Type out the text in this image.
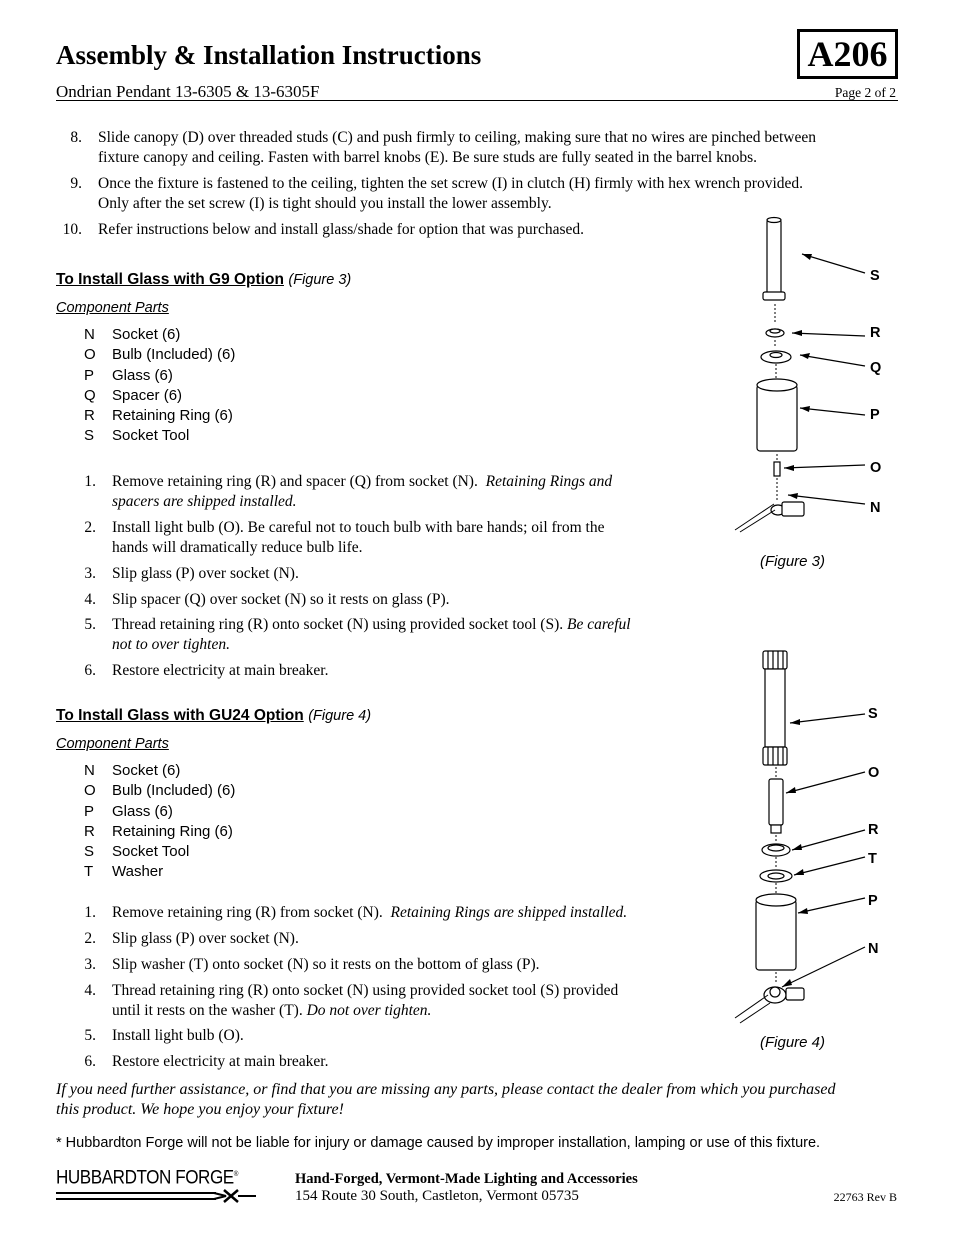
Assembly & Installation Instructions
Ondrian Pendant 13-6305 & 13-6305F	Page 2 of 2
A206
8. Slide canopy (D) over threaded studs (C) and push firmly to ceiling, making sure that no wires are pinched between
fixture canopy and ceiling. Fasten with barrel knobs (E). Be sure studs are fully seated in the barrel knobs.
9. Once the fixture is fastened to the ceiling, tighten the set screw (I) in clutch (H) firmly with hex wrench provided.
Only after the set screw (I) is tight should you install the lower assembly.
10. Refer instructions below and install glass/shade for option that was purchased.
To Install Glass with G9 Option (Figure 3)
Component Parts
N	Socket (6)
O	Bulb (Included) (6)
P	Glass (6)
Q	Spacer (6)
R	Retaining Ring (6)
S	Socket Tool
1. Remove retaining ring (R) and spacer (Q) from socket (N). Retaining Rings and
spacers are shipped installed.
2. Install light bulb (O). Be careful not to touch bulb with bare hands; oil from the
hands will dramatically reduce bulb life.
3. Slip glass (P) over socket (N).
4. Slip spacer (Q) over socket (N) so it rests on glass (P).
5. Thread retaining ring (R) onto socket (N) using provided socket tool (S). Be careful
not to over tighten.
6. Restore electricity at main breaker.
To Install Glass with GU24 Option (Figure 4)
Component Parts
N	Socket (6)
O	Bulb (Included) (6)
P	Glass (6)
R	Retaining Ring (6)
S	Socket Tool
T	Washer
1. Remove retaining ring (R) from socket (N). Retaining Rings are shipped installed.
2. Slip glass (P) over socket (N).
3. Slip washer (T) onto socket (N) so it rests on the bottom of glass (P).
4. Thread retaining ring (R) onto socket (N) using provided socket tool (S) provided
until it rests on the washer (T). Do not over tighten.
5. Install light bulb (O).
6. Restore electricity at main breaker.
S
R
Q
P
O
N
(Figure 3)
S
O
R
T
P
N
(Figure 4)
If you need further assistance, or find that you are missing any parts, please contact the dealer from which you purchased
this product. We hope you enjoy your fixture!
* Hubbardton Forge will not be liable for injury or damage caused by improper installation, lamping or use of this fixture.
HUBBARDTON FORGE®	Hand-Forged, Vermont-Made Lighting and Accessories
154 Route 30 South, Castleton, Vermont 05735	22763 Rev B
